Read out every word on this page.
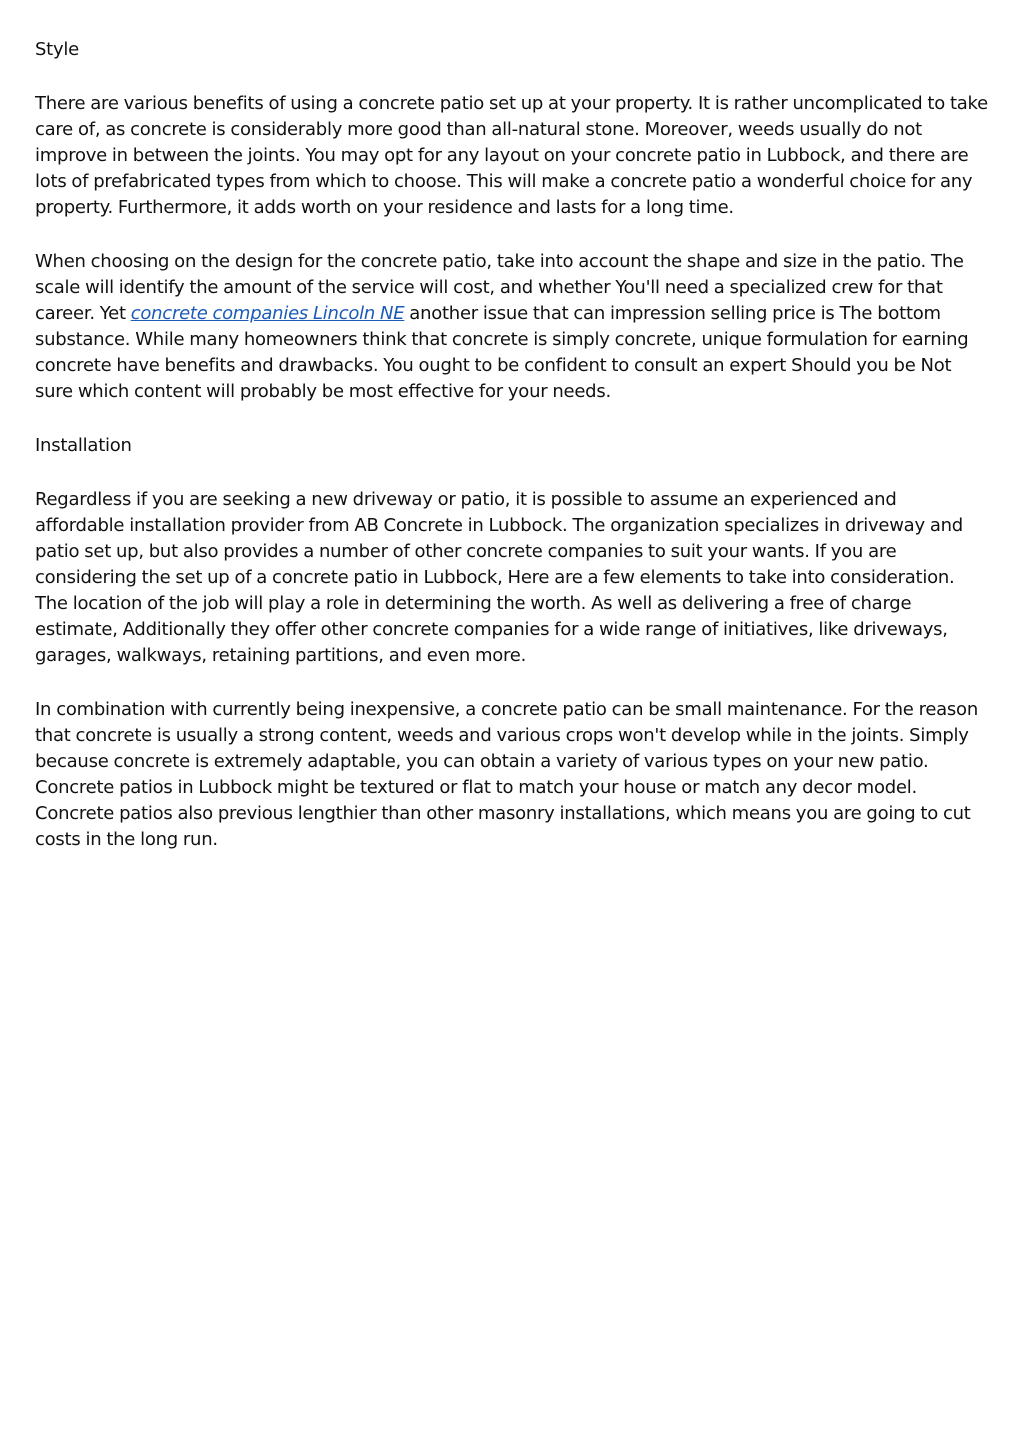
Style

There are various benefits of using a concrete patio set up at your property. It is rather uncomplicated to take care of, as concrete is considerably more good than all-natural stone. Moreover, weeds usually do not improve in between the joints. You may opt for any layout on your concrete patio in Lubbock, and there are lots of prefabricated types from which to choose. This will make a concrete patio a wonderful choice for any property. Furthermore, it adds worth on your residence and lasts for a long time.

When choosing on the design for the concrete patio, take into account the shape and size in the patio. The scale will identify the amount of the service will cost, and whether You'll need a specialized crew for that career. Yet concrete companies Lincoln NE another issue that can impression selling price is The bottom substance. While many homeowners think that concrete is simply concrete, unique formulation for earning concrete have benefits and drawbacks. You ought to be confident to consult an expert Should you be Not sure which content will probably be most effective for your needs.

Installation

Regardless if you are seeking a new driveway or patio, it is possible to assume an experienced and affordable installation provider from AB Concrete in Lubbock. The organization specializes in driveway and patio set up, but also provides a number of other concrete companies to suit your wants. If you are considering the set up of a concrete patio in Lubbock, Here are a few elements to take into consideration. The location of the job will play a role in determining the worth. As well as delivering a free of charge estimate, Additionally they offer other concrete companies for a wide range of initiatives, like driveways, garages, walkways, retaining partitions, and even more.

In combination with currently being inexpensive, a concrete patio can be small maintenance. For the reason that concrete is usually a strong content, weeds and various crops won't develop while in the joints. Simply because concrete is extremely adaptable, you can obtain a variety of various types on your new patio. Concrete patios in Lubbock might be textured or flat to match your house or match any decor model. Concrete patios also previous lengthier than other masonry installations, which means you are going to cut costs in the long run.
